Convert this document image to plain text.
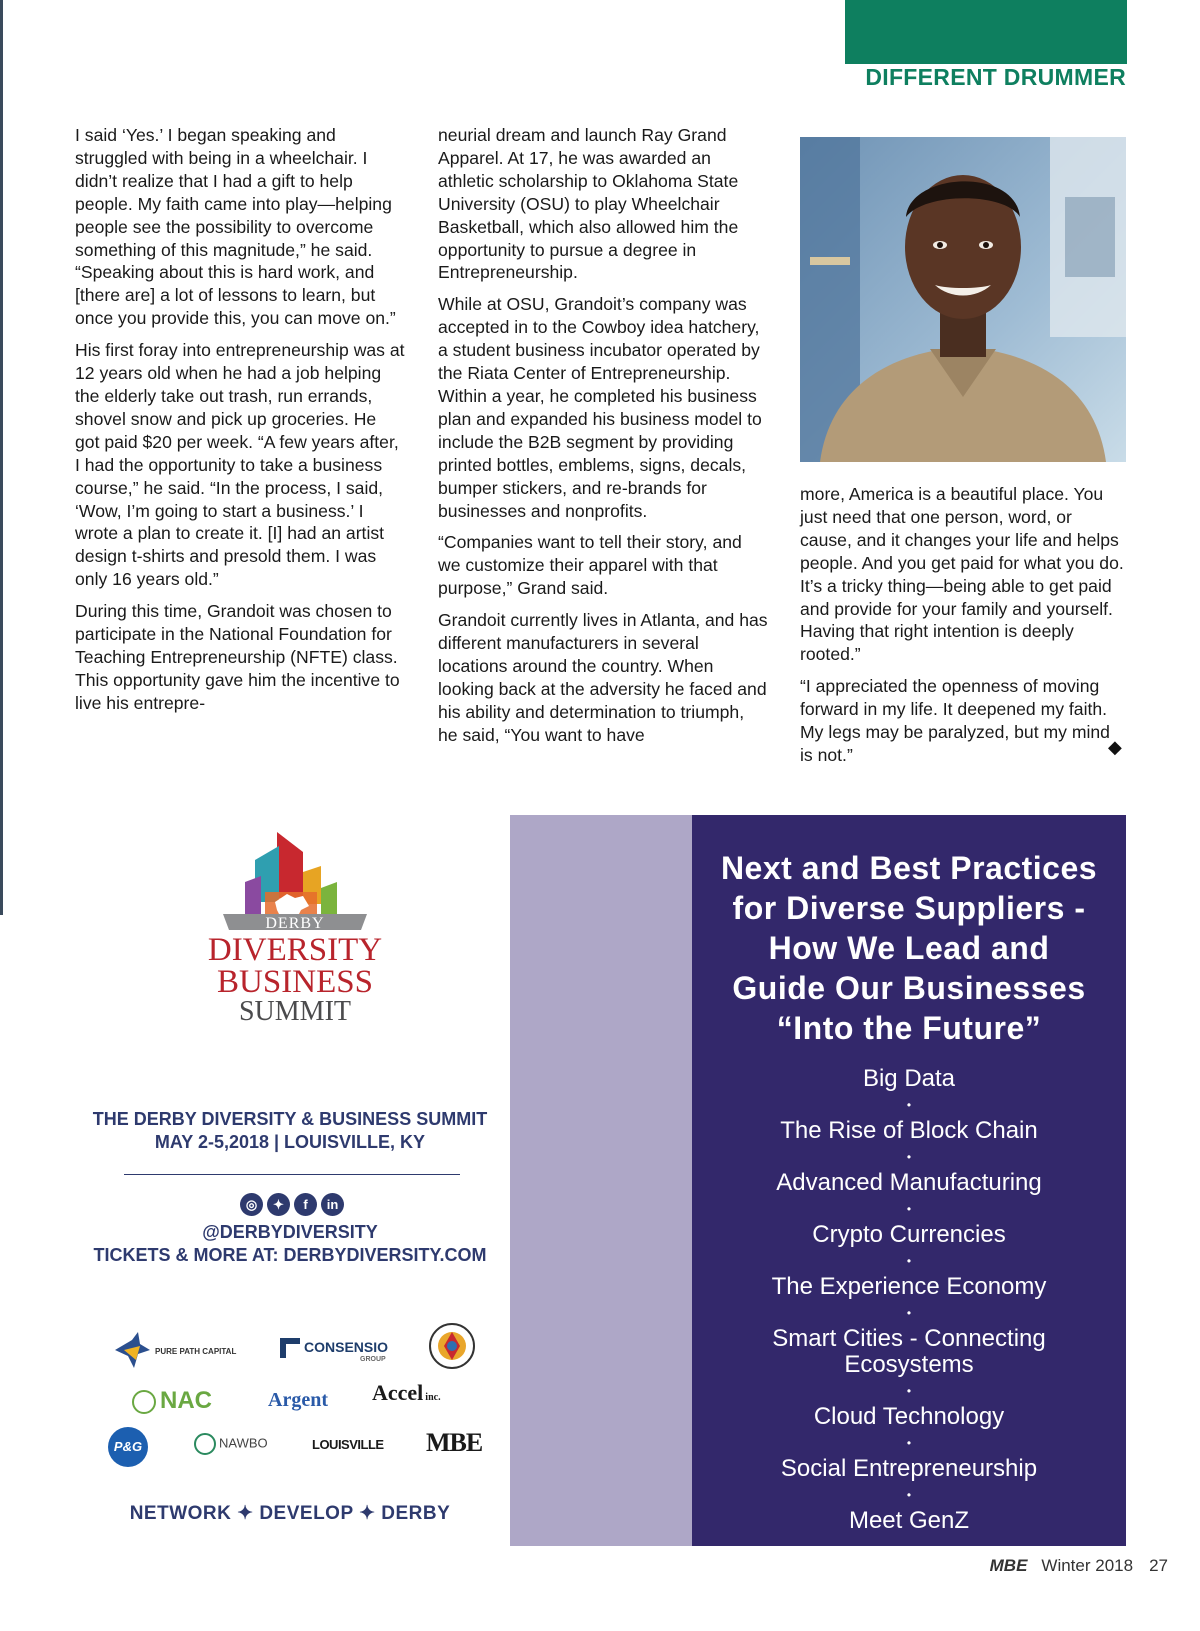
DIFFERENT DRUMMER

I said ‘Yes.’ I began speaking and struggled with being in a wheelchair. I didn’t realize that I had a gift to help people. My faith came into play—helping people see the possibility to overcome something of this magnitude,” he said. “Speaking about this is hard work, and [there are] a lot of lessons to learn, but once you provide this, you can move on.”

His first foray into entrepreneurship was at 12 years old when he had a job helping the elderly take out trash, run errands, shovel snow and pick up groceries. He got paid $20 per week. “A few years after, I had the opportunity to take a business course,” he said. “In the process, I said, ‘Wow, I’m going to start a business.’ I wrote a plan to create it. [I] had an artist design t-shirts and presold them. I was only 16 years old.”

During this time, Grandoit was chosen to participate in the National Foundation for Teaching Entrepreneurship (NFTE) class. This opportunity gave him the incentive to live his entrepre-

neurial dream and launch Ray Grand Apparel. At 17, he was awarded an athletic scholarship to Oklahoma State University (OSU) to play Wheelchair Basketball, which also allowed him the opportunity to pursue a degree in Entrepreneurship.

While at OSU, Grandoit’s company was accepted in to the Cowboy idea hatchery, a student business incubator operated by the Riata Center of Entrepreneurship. Within a year, he completed his business plan and expanded his business model to include the B2B segment by providing printed bottles, emblems, signs, decals, bumper stickers, and re-brands for businesses and nonprofits.

“Companies want to tell their story, and we customize their apparel with that purpose,” Grand said.

Grandoit currently lives in Atlanta, and has different manufacturers in several locations around the country. When looking back at the adversity he faced and his ability and determination to triumph, he said, “You want to have

more, America is a beautiful place. You just need that one person, word, or cause, and it changes your life and helps people. And you get paid for what you do. It’s a tricky thing—being able to get paid and provide for your family and yourself. Having that right intention is deeply rooted.”

“I appreciated the openness of moving forward in my life. It deepened my faith. My legs may be paralyzed, but my mind is not.”	◆
DERBY
DIVERSITY
BUSINESS
SUMMIT
THE DERBY DIVERSITY & BUSINESS SUMMIT
MAY 2-5,2018 | LOUISVILLE, KY
◎	✦	f	in
@DERBYDIVERSITY
TICKETS & MORE AT: DERBYDIVERSITY.COM
PURE PATH CAPITAL	CONSENSIO
GROUP
NAC	Argent	Accel inc.
P&G	NAWBO	LOUISVILLE	MBE
NETWORK ✦ DEVELOP ✦ DERBY
Next and Best Practices
for Diverse Suppliers -
How We Lead and
Guide Our Businesses
“Into the Future”
Big Data
•
The Rise of Block Chain
•
Advanced Manufacturing
•
Crypto Currencies
•
The Experience Economy
•
Smart Cities - Connecting Ecosystems
•
Cloud Technology
•
Social Entrepreneurship
•
Meet GenZ
MBE Winter 2018 27
